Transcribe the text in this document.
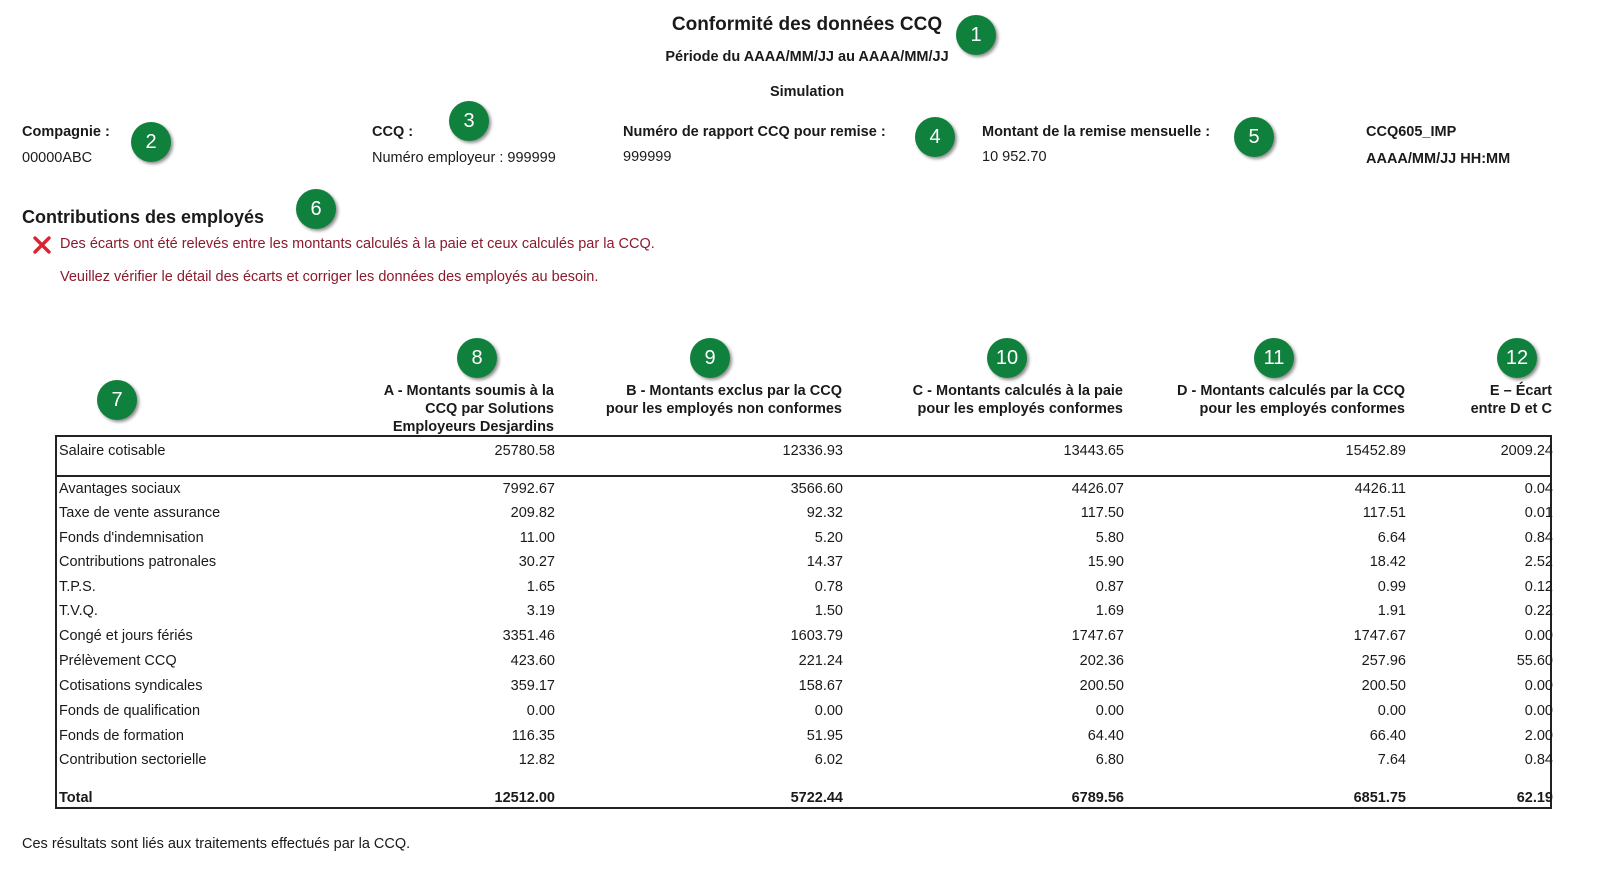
Conformité des données CCQ
Période du AAAA/MM/JJ au AAAA/MM/JJ
Simulation
Compagnie :
00000ABC
CCQ :
Numéro employeur : 999999
Numéro de rapport CCQ pour remise :
999999
Montant de la remise mensuelle :
10 952.70
CCQ605_IMP
AAAA/MM/JJ HH:MM
Contributions des employés
Des écarts ont été relevés entre les montants calculés à la paie et ceux calculés par la CCQ.
Veuillez vérifier le détail des écarts et corriger les données des employés au besoin.
1
2
3
4	5
6
7
8	9	10	11	12
A - Montants soumis à la
CCQ par Solutions
Employeurs Desjardins
B - Montants exclus par la CCQ
pour les employés non conformes
C - Montants calculés à la paie
pour les employés conformes
D - Montants calculés par la CCQ
pour les employés conformes
E – Écart
entre D et C
Salaire cotisable	25780.58	12336.93	13443.65	15452.89	2009.24
Avantages sociaux	7992.67	3566.60	4426.07	4426.11	0.04
Taxe de vente assurance	209.82	92.32	117.50	117.51	0.01
Fonds d'indemnisation	11.00	5.20	5.80	6.64	0.84
Contributions patronales	30.27	14.37	15.90	18.42	2.52
T.P.S.	1.65	0.78	0.87	0.99	0.12
T.V.Q.	3.19	1.50	1.69	1.91	0.22
Congé et jours fériés	3351.46	1603.79	1747.67	1747.67	0.00
Prélèvement CCQ	423.60	221.24	202.36	257.96	55.60
Cotisations syndicales	359.17	158.67	200.50	200.50	0.00
Fonds de qualification	0.00	0.00	0.00	0.00	0.00
Fonds de formation	116.35	51.95	64.40	66.40	2.00
Contribution sectorielle	12.82	6.02	6.80	7.64	0.84
Total	12512.00	5722.44	6789.56	6851.75	62.19
Ces résultats sont liés aux traitements effectués par la CCQ.
